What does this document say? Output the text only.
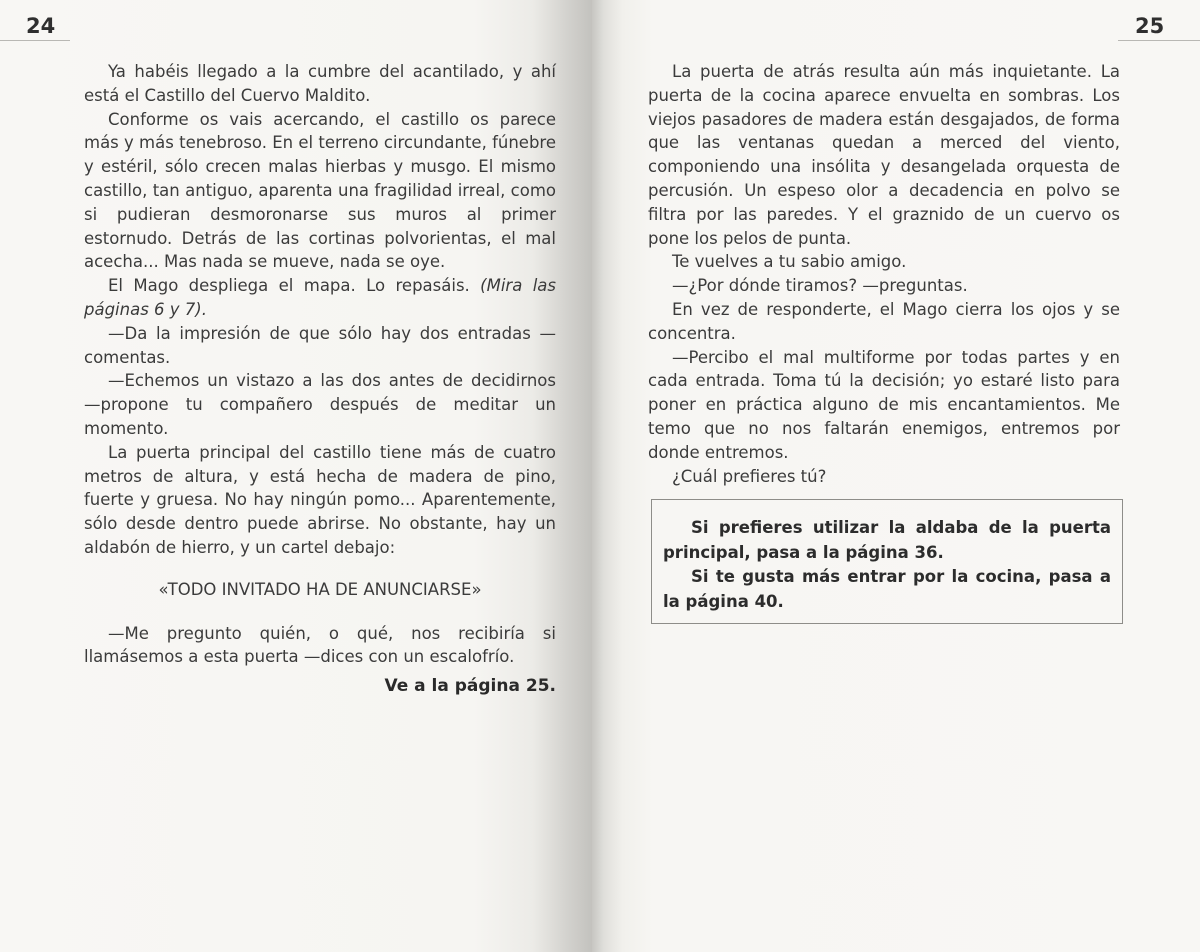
24	25

Ya habéis llegado a la cumbre del acantilado, y ahí está el Castillo del Cuervo Maldito.

Conforme os vais acercando, el castillo os parece más y más tenebroso. En el terreno circundante, fúnebre y estéril, sólo crecen malas hierbas y musgo. El mismo castillo, tan antiguo, aparenta una fragilidad irreal, como si pudieran desmoronarse sus muros al primer estornudo. Detrás de las cortinas polvorientas, el mal acecha... Mas nada se mueve, nada se oye.

El Mago despliega el mapa. Lo repasáis. (Mira las páginas 6 y 7).

—Da la impresión de que sólo hay dos entradas —comentas.

—Echemos un vistazo a las dos antes de decidirnos —propone tu compañero después de meditar un momento.

La puerta principal del castillo tiene más de cuatro metros de altura, y está hecha de madera de pino, fuerte y gruesa. No hay ningún pomo... Aparentemente, sólo desde dentro puede abrirse. No obstante, hay un aldabón de hierro, y un cartel debajo:

«TODO INVITADO HA DE ANUNCIARSE»

—Me pregunto quién, o qué, nos recibiría si llamásemos a esta puerta —dices con un escalofrío.

Ve a la página 25.

La puerta de atrás resulta aún más inquietante. La puerta de la cocina aparece envuelta en sombras. Los viejos pasadores de madera están desgajados, de forma que las ventanas quedan a merced del viento, componiendo una insólita y desangelada orquesta de percusión. Un espeso olor a decadencia en polvo se filtra por las paredes. Y el graznido de un cuervo os pone los pelos de punta.

Te vuelves a tu sabio amigo.

—¿Por dónde tiramos? —preguntas.

En vez de responderte, el Mago cierra los ojos y se concentra.

—Percibo el mal multiforme por todas partes y en cada entrada. Toma tú la decisión; yo estaré listo para poner en práctica alguno de mis encantamientos. Me temo que no nos faltarán enemigos, entremos por donde entremos.

¿Cuál prefieres tú?

Si prefieres utilizar la aldaba de la puerta principal, pasa a la página 36.

Si te gusta más entrar por la cocina, pasa a la página 40.
